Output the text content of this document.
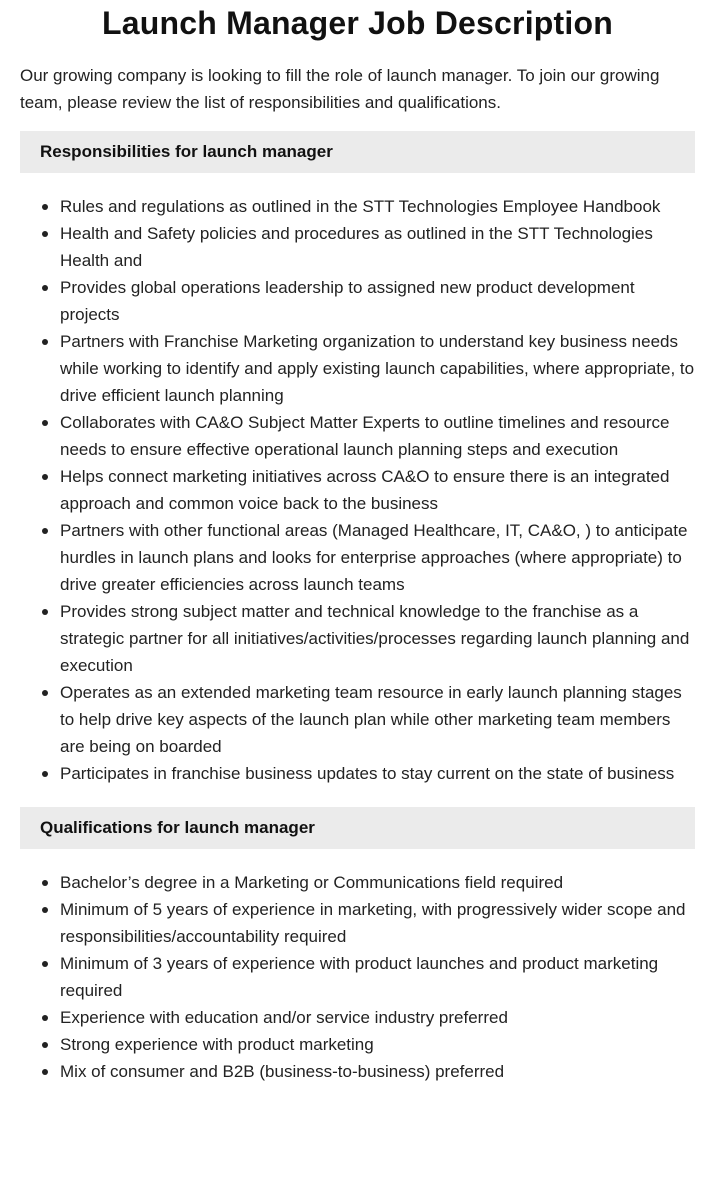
Launch Manager Job Description

Our growing company is looking to fill the role of launch manager. To join our growing team, please review the list of responsibilities and qualifications.

Responsibilities for launch manager
Rules and regulations as outlined in the STT Technologies Employee Handbook
Health and Safety policies and procedures as outlined in the STT Technologies Health and
Provides global operations leadership to assigned new product development projects
Partners with Franchise Marketing organization to understand key business needs while working to identify and apply existing launch capabilities, where appropriate, to drive efficient launch planning
Collaborates with CA&O Subject Matter Experts to outline timelines and resource needs to ensure effective operational launch planning steps and execution
Helps connect marketing initiatives across CA&O to ensure there is an integrated approach and common voice back to the business
Partners with other functional areas (Managed Healthcare, IT, CA&O, ) to anticipate hurdles in launch plans and looks for enterprise approaches (where appropriate) to drive greater efficiencies across launch teams
Provides strong subject matter and technical knowledge to the franchise as a strategic partner for all initiatives/activities/processes regarding launch planning and execution
Operates as an extended marketing team resource in early launch planning stages to help drive key aspects of the launch plan while other marketing team members are being on boarded
Participates in franchise business updates to stay current on the state of business
Qualifications for launch manager
Bachelor’s degree in a Marketing or Communications field required
Minimum of 5 years of experience in marketing, with progressively wider scope and responsibilities/accountability required
Minimum of 3 years of experience with product launches and product marketing required
Experience with education and/or service industry preferred
Strong experience with product marketing
Mix of consumer and B2B (business-to-business) preferred
